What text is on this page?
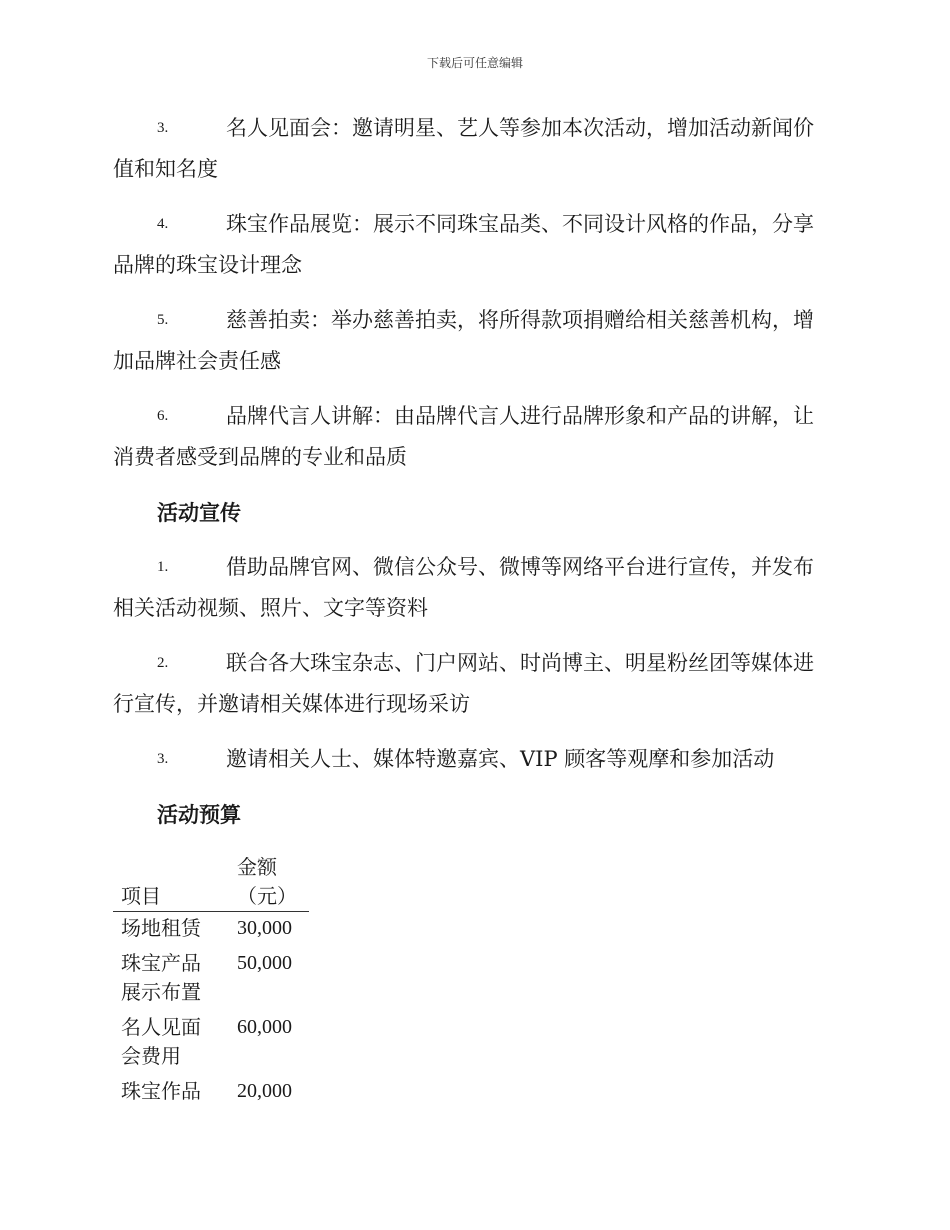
下载后可任意编辑
3.	名人见面会：邀请明星、艺人等参加本次活动，增加活动新闻价
值和知名度
4.	珠宝作品展览：展示不同珠宝品类、不同设计风格的作品，分享
品牌的珠宝设计理念
5.	慈善拍卖：举办慈善拍卖，将所得款项捐赠给相关慈善机构，增
加品牌社会责任感
6.	品牌代言人讲解：由品牌代言人进行品牌形象和产品的讲解，让
消费者感受到品牌的专业和品质
活动宣传
1.	借助品牌官网、微信公众号、微博等网络平台进行宣传，并发布
相关活动视频、照片、文字等资料
2.	联合各大珠宝杂志、门户网站、时尚博主、明星粉丝团等媒体进
行宣传，并邀请相关媒体进行现场采访
3.	邀请相关人士、媒体特邀嘉宾、VIP 顾客等观摩和参加活动
活动预算
项目	金额
（元）

场地租赁	30,000

珠宝产品
展示布置	50,000

名人见面
会费用	60,000

珠宝作品	20,000
